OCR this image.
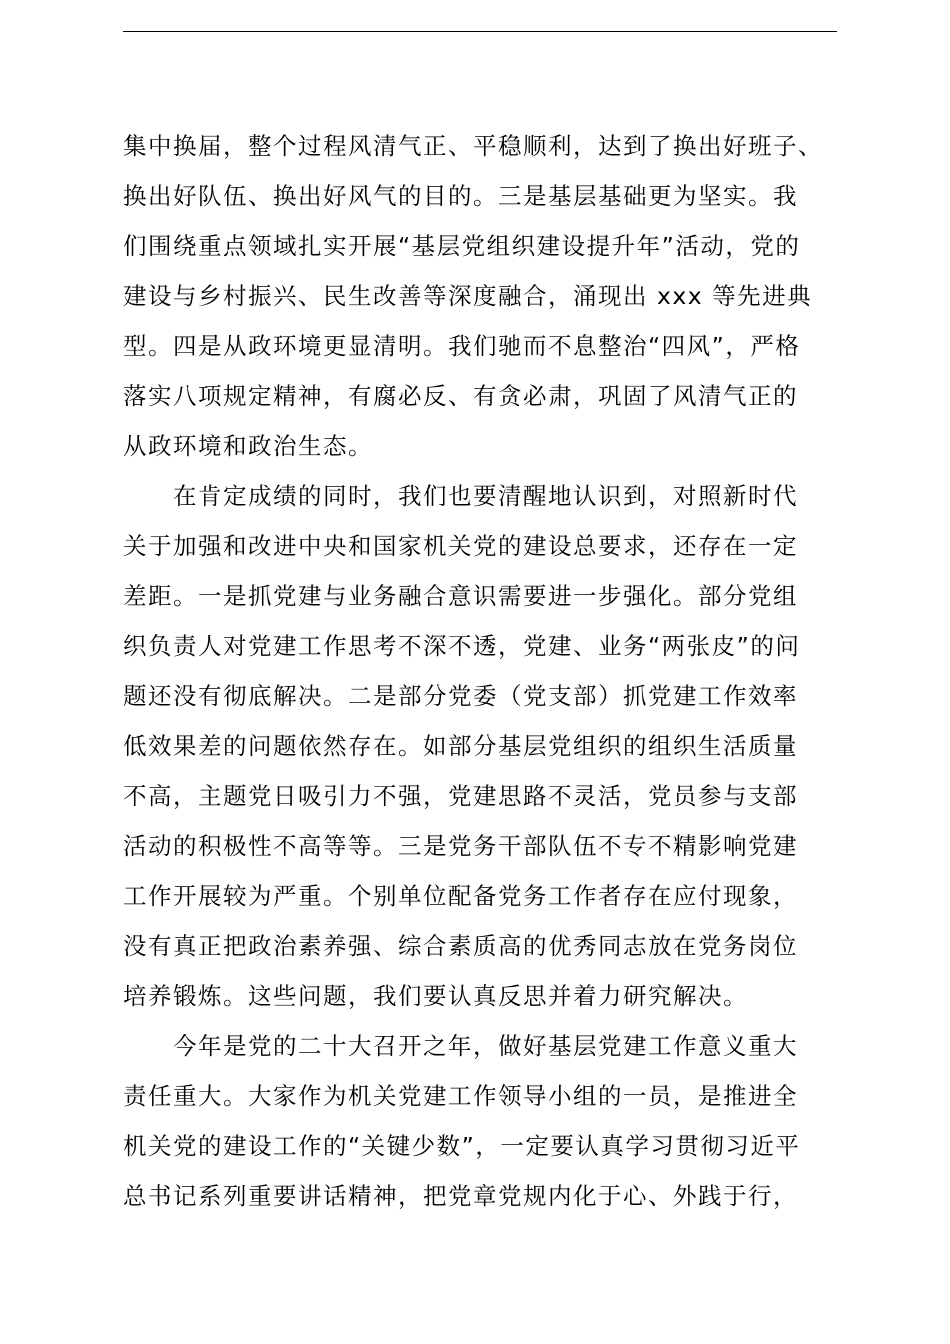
集中换届，整个过程风清气正、平稳顺利，达到了换出好班子、
换出好队伍、换出好风气的目的。三是基层基础更为坚实。我
们围绕重点领域扎实开展“基层党组织建设提升年”活动，党的
建设与乡村振兴、民生改善等深度融合，涌现出 xxx 等先进典
型。四是从政环境更显清明。我们驰而不息整治“四风”，严格
落实八项规定精神，有腐必反、有贪必肃，巩固了风清气正的
从政环境和政治生态。
在肯定成绩的同时，我们也要清醒地认识到，对照新时代
关于加强和改进中央和国家机关党的建设总要求，还存在一定
差距。一是抓党建与业务融合意识需要进一步强化。部分党组
织负责人对党建工作思考不深不透，党建、业务“两张皮”的问
题还没有彻底解决。二是部分党委（党支部）抓党建工作效率
低效果差的问题依然存在。如部分基层党组织的组织生活质量
不高，主题党日吸引力不强，党建思路不灵活，党员参与支部
活动的积极性不高等等。三是党务干部队伍不专不精影响党建
工作开展较为严重。个别单位配备党务工作者存在应付现象，
没有真正把政治素养强、综合素质高的优秀同志放在党务岗位
培养锻炼。这些问题，我们要认真反思并着力研究解决。
今年是党的二十大召开之年，做好基层党建工作意义重大
责任重大。大家作为机关党建工作领导小组的一员，是推进全
机关党的建设工作的“关键少数”，一定要认真学习贯彻习近平
总书记系列重要讲话精神，把党章党规内化于心、外践于行，
